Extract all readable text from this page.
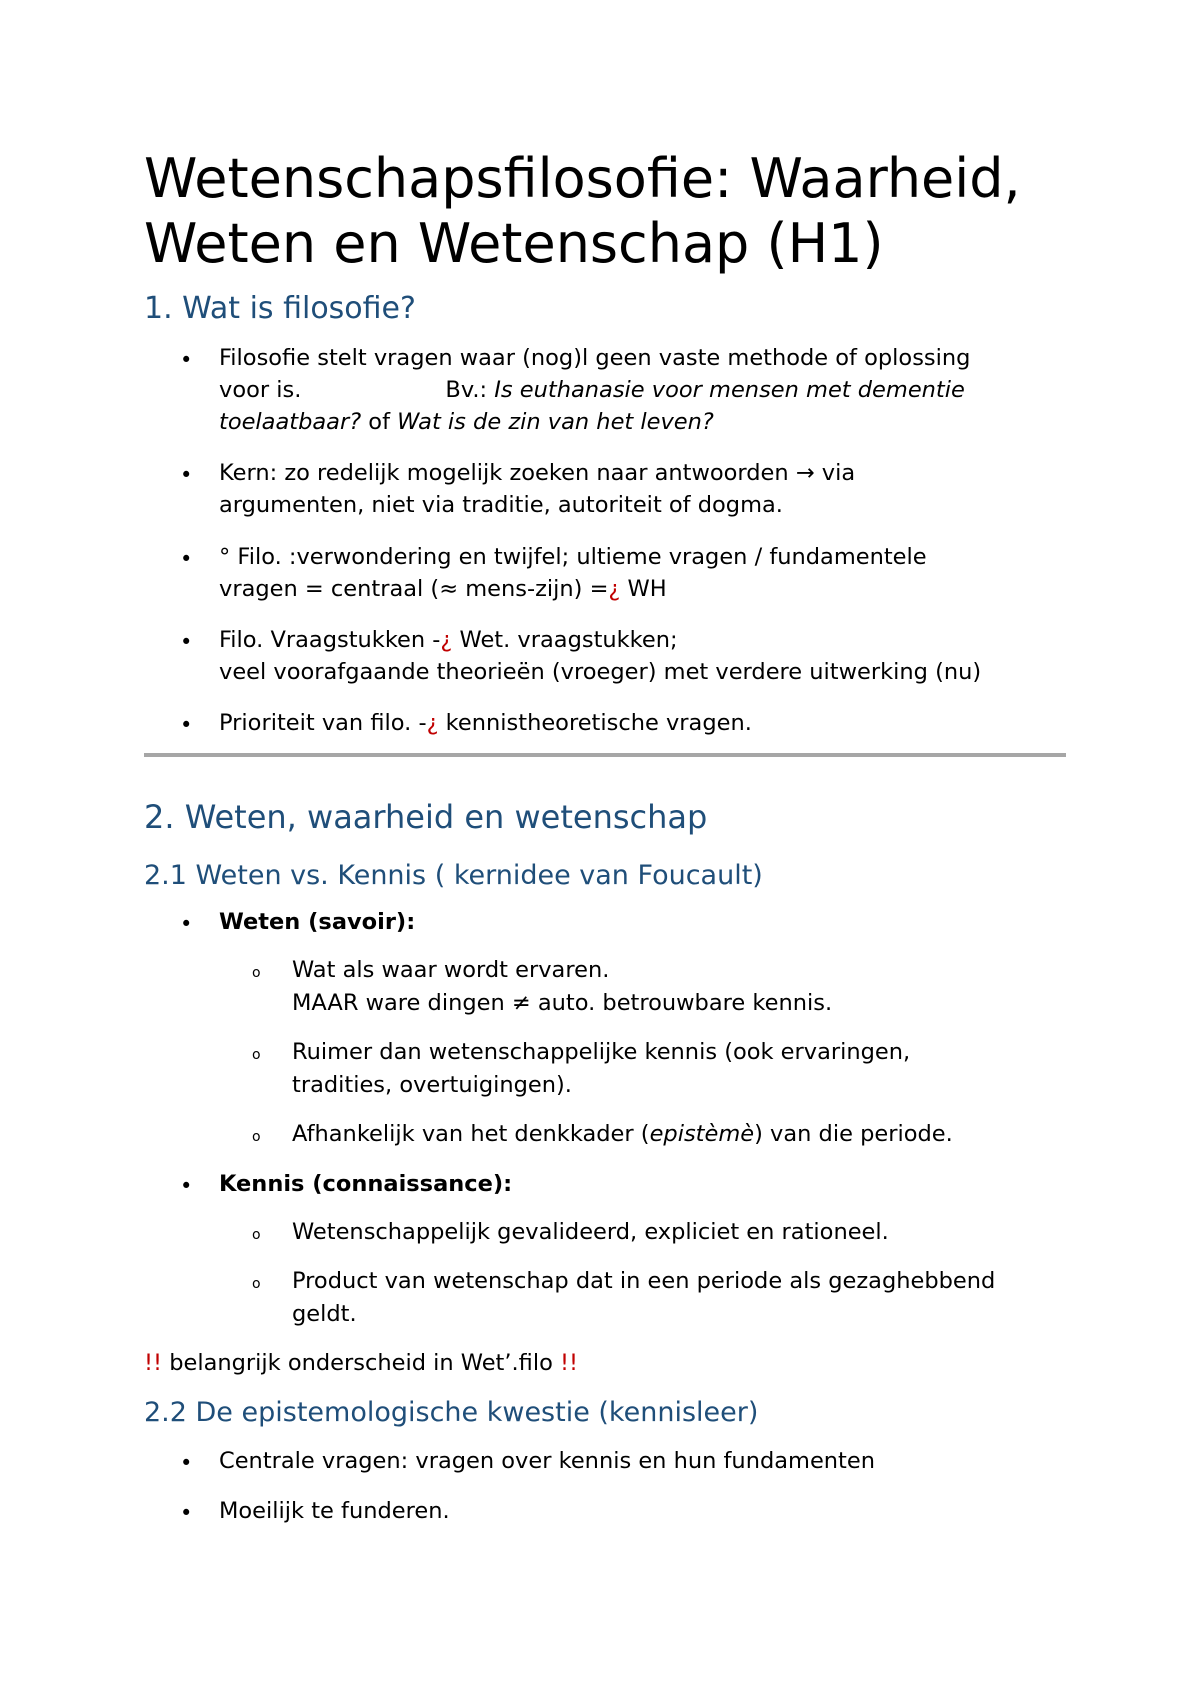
Wetenschapsfilosofie: Waarheid,
Weten en Wetenschap (H1)
1. Wat is filosofie?
• Filosofie stelt vragen waar (nog)l geen vaste methode of oplossing
voor is.	Bv.: Is euthanasie voor mensen met dementie
toelaatbaar? of Wat is de zin van het leven?
• Kern: zo redelijk mogelijk zoeken naar antwoorden → via
argumenten, niet via traditie, autoriteit of dogma.
• ° Filo. :verwondering en twijfel; ultieme vragen / fundamentele
vragen = centraal (≈ mens-zijn) =¿ WH
• Filo. Vraagstukken -¿ Wet. vraagstukken;
veel voorafgaande theorieën (vroeger) met verdere uitwerking (nu)
• Prioriteit van filo. -¿ kennistheoretische vragen.
2. Weten, waarheid en wetenschap
2.1 Weten vs. Kennis ( kernidee van Foucault)
• Weten (savoir):
o Wat als waar wordt ervaren.
MAAR ware dingen ≠ auto. betrouwbare kennis.
o Ruimer dan wetenschappelijke kennis (ook ervaringen,
tradities, overtuigingen).
o Afhankelijk van het denkkader (epistèmè) van die periode.
• Kennis (connaissance):
o Wetenschappelijk gevalideerd, expliciet en rationeel.
o Product van wetenschap dat in een periode als gezaghebbend
geldt.
!! belangrijk onderscheid in Wet’.filo !!
2.2 De epistemologische kwestie (kennisleer)
• Centrale vragen: vragen over kennis en hun fundamenten
• Moeilijk te funderen.
